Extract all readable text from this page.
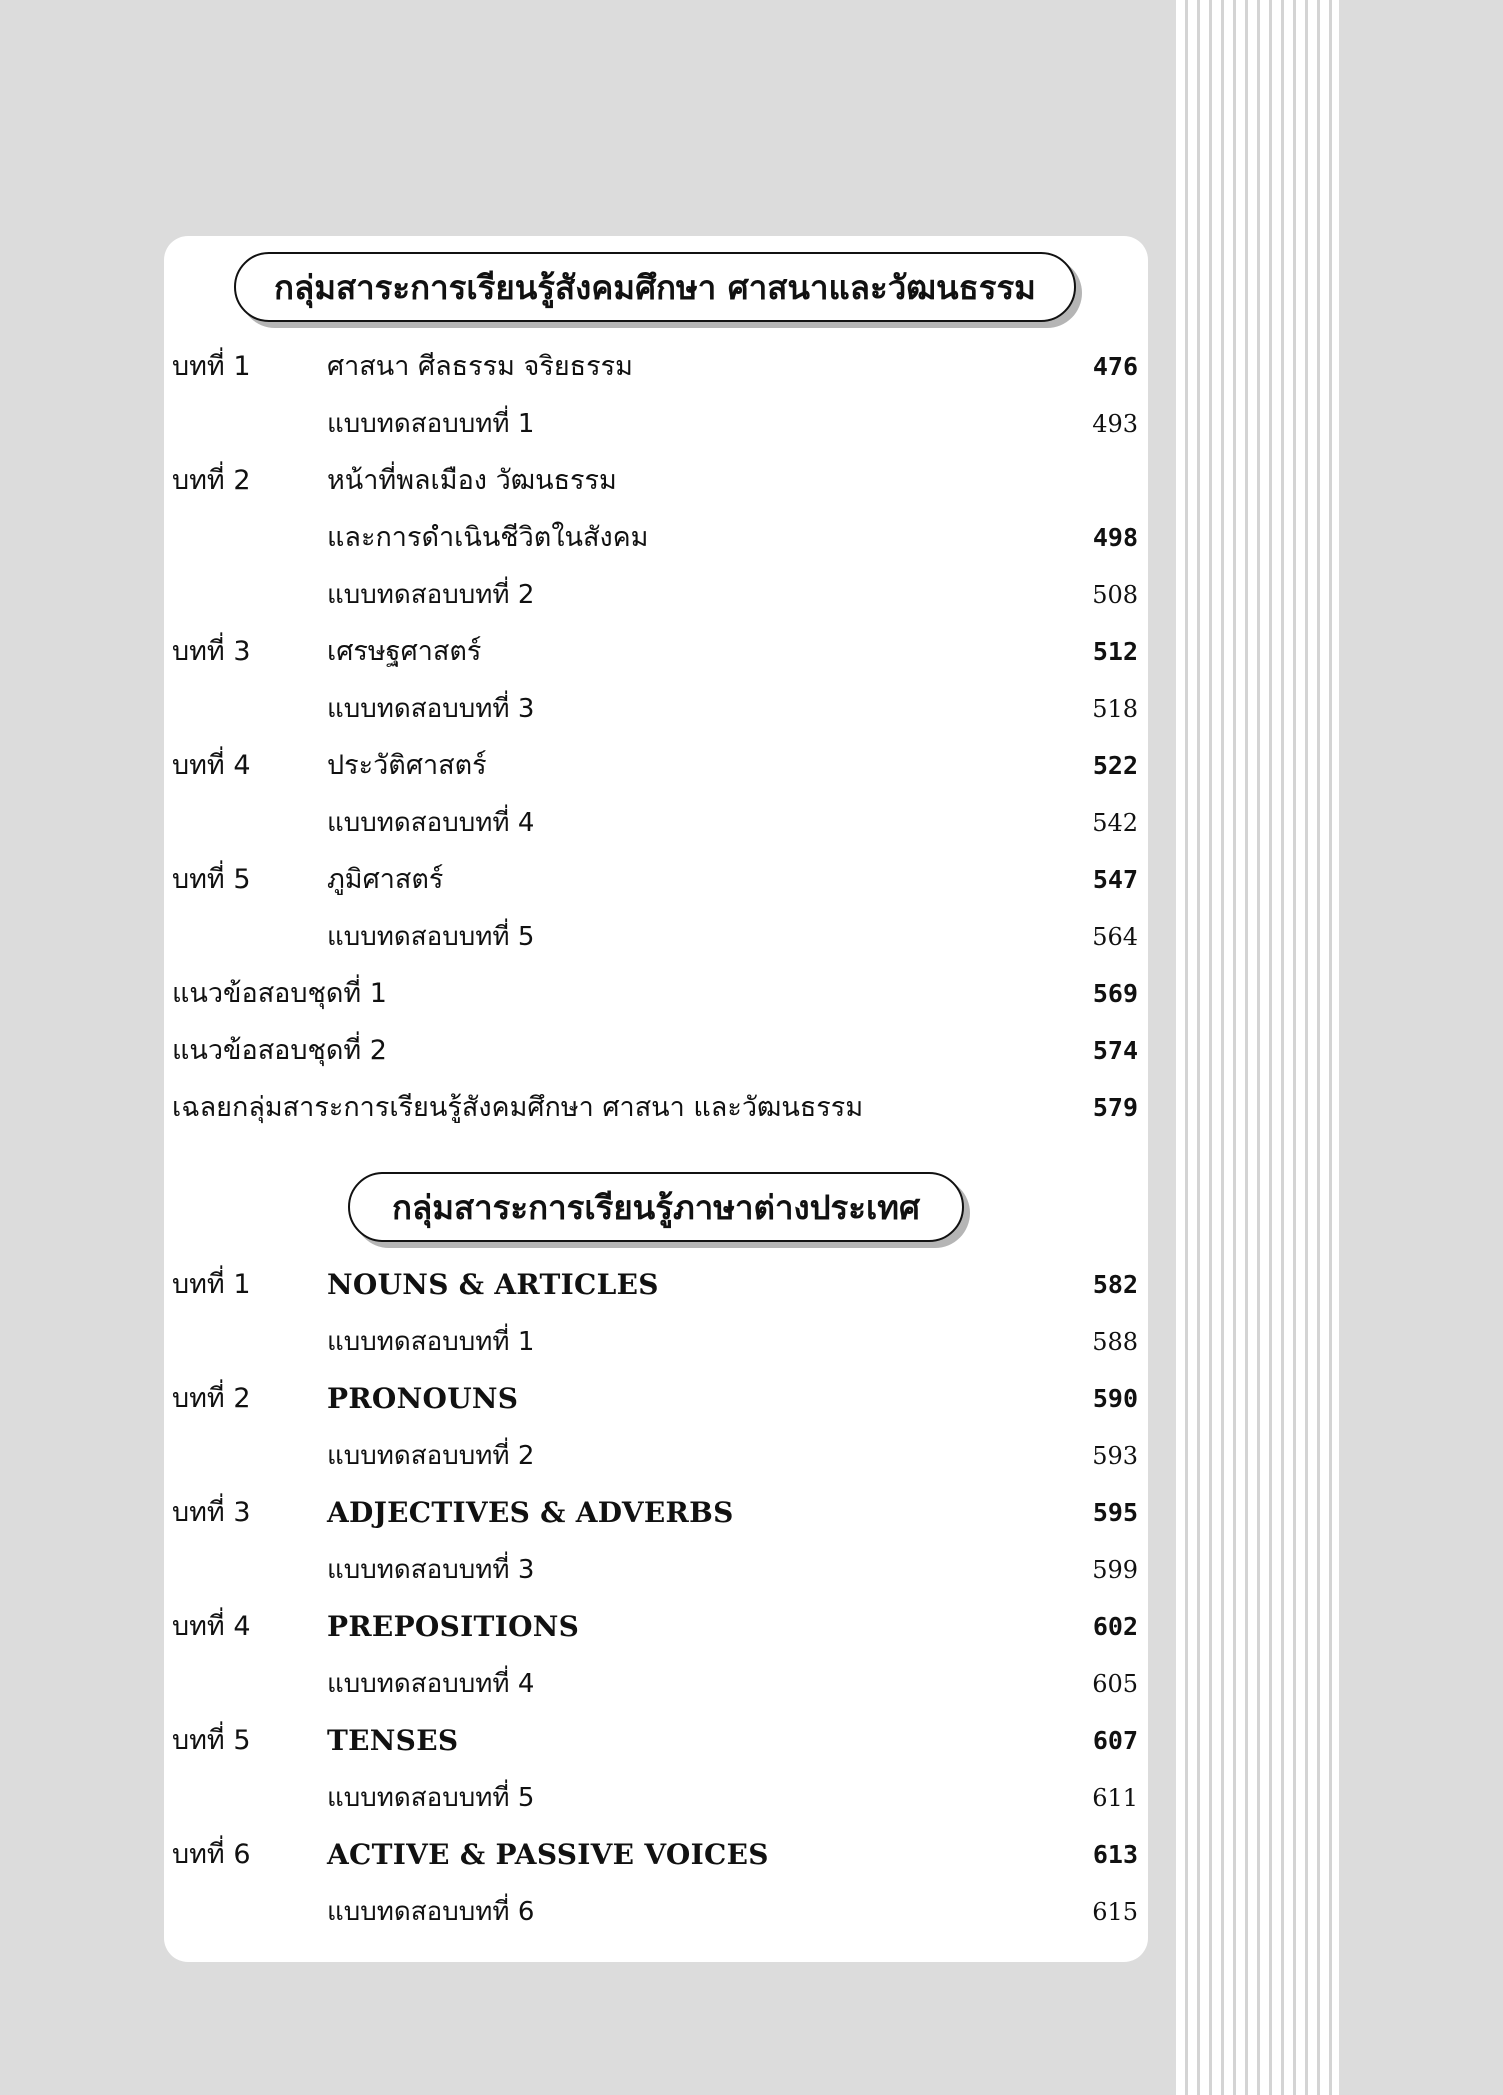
กลุ่มสาระการเรียนรู้สังคมศึกษา ศาสนาและวัฒนธรรม
บทที่ 1	ศาสนา ศีลธรรม จริยธรรม	476
แบบทดสอบบทที่ 1	493
บทที่ 2	หน้าที่พลเมือง วัฒนธรรม
และการดำเนินชีวิตในสังคม	498
แบบทดสอบบทที่ 2	508
บทที่ 3	เศรษฐศาสตร์	512
แบบทดสอบบทที่ 3	518
บทที่ 4	ประวัติศาสตร์	522
แบบทดสอบบทที่ 4	542
บทที่ 5	ภูมิศาสตร์	547
แบบทดสอบบทที่ 5	564
แนวข้อสอบชุดที่ 1	569
แนวข้อสอบชุดที่ 2	574
เฉลยกลุ่มสาระการเรียนรู้สังคมศึกษา ศาสนา และวัฒนธรรม	579
กลุ่มสาระการเรียนรู้ภาษาต่างประเทศ
บทที่ 1	NOUNS & ARTICLES	582
แบบทดสอบบทที่ 1	588
บทที่ 2	PRONOUNS	590
แบบทดสอบบทที่ 2	593
บทที่ 3	ADJECTIVES & ADVERBS	595
แบบทดสอบบทที่ 3	599
บทที่ 4	PREPOSITIONS	602
แบบทดสอบบทที่ 4	605
บทที่ 5	TENSES	607
แบบทดสอบบทที่ 5	611
บทที่ 6	ACTIVE & PASSIVE VOICES	613
แบบทดสอบบทที่ 6	615
